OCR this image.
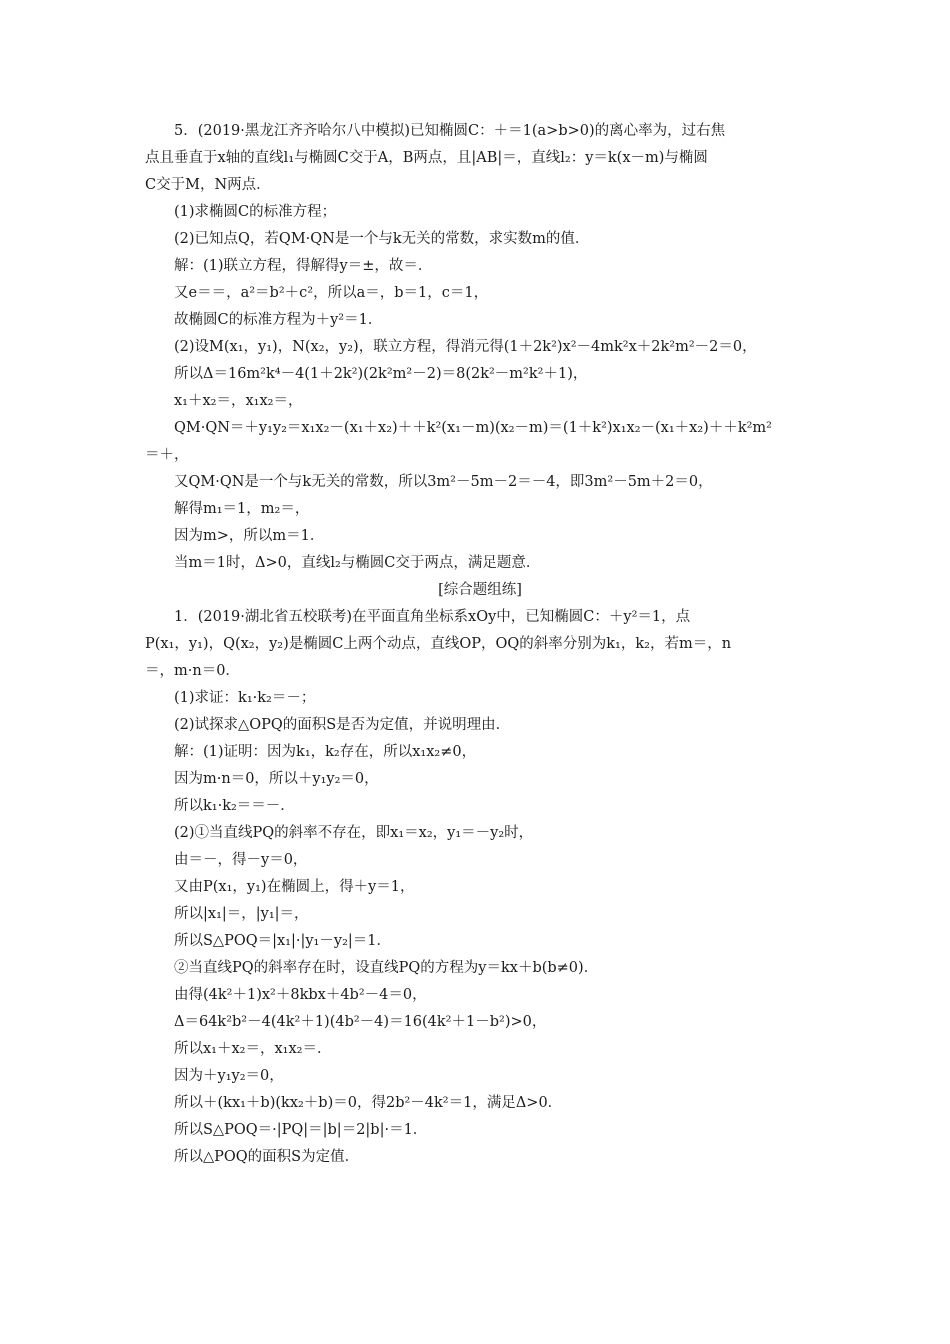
5．(2019·黑龙江齐齐哈尔八中模拟)已知椭圆C：＋＝1(a>b>0)的离心率为，过右焦
点且垂直于x轴的直线l₁与椭圆C交于A，B两点，且|AB|＝，直线l₂：y＝k(x－m)与椭圆
C交于M，N两点．
(1)求椭圆C的标准方程；
(2)已知点Q，若QM·QN是一个与k无关的常数，求实数m的值．
解：(1)联立方程，得解得y＝±，故＝．
又e＝＝，a²＝b²＋c²，所以a＝，b＝1，c＝1，
故椭圆C的标准方程为＋y²＝1．
(2)设M(x₁，y₁)，N(x₂，y₂)，联立方程，得消元得(1＋2k²)x²－4mk²x＋2k²m²－2＝0，
所以Δ＝16m²k⁴－4(1＋2k²)(2k²m²－2)＝8(2k²－m²k²＋1)，
x₁＋x₂＝，x₁x₂＝，
QM·QN＝＋y₁y₂＝x₁x₂－(x₁＋x₂)＋＋k²(x₁－m)(x₂－m)＝(1＋k²)x₁x₂－(x₁＋x₂)＋＋k²m²
＝＋，
又QM·QN是一个与k无关的常数，所以3m²－5m－2＝－4，即3m²－5m＋2＝0，
解得m₁＝1，m₂＝，
因为m>，所以m＝1．
当m＝1时，Δ>0，直线l₂与椭圆C交于两点，满足题意．
[综合题组练]
1．(2019·湖北省五校联考)在平面直角坐标系xOy中，已知椭圆C：＋y²＝1，点
P(x₁，y₁)，Q(x₂，y₂)是椭圆C上两个动点，直线OP，OQ的斜率分别为k₁，k₂，若m＝，n
＝，m·n＝0．
(1)求证：k₁·k₂＝－；
(2)试探求△OPQ的面积S是否为定值，并说明理由．
解：(1)证明：因为k₁，k₂存在，所以x₁x₂≠0，
因为m·n＝0，所以＋y₁y₂＝0，
所以k₁·k₂＝＝－．
(2)①当直线PQ的斜率不存在，即x₁＝x₂，y₁＝－y₂时，
由＝－，得－y＝0，
又由P(x₁，y₁)在椭圆上，得＋y＝1，
所以|x₁|＝，|y₁|＝，
所以S△POQ＝|x₁|·|y₁－y₂|＝1．
②当直线PQ的斜率存在时，设直线PQ的方程为y＝kx＋b(b≠0)．
由得(4k²＋1)x²＋8kbx＋4b²－4＝0，
Δ＝64k²b²－4(4k²＋1)(4b²－4)＝16(4k²＋1－b²)>0，
所以x₁＋x₂＝，x₁x₂＝．
因为＋y₁y₂＝0，
所以＋(kx₁＋b)(kx₂＋b)＝0，得2b²－4k²＝1，满足Δ>0．
所以S△POQ＝·|PQ|＝|b|＝2|b|·＝1．
所以△POQ的面积S为定值．
